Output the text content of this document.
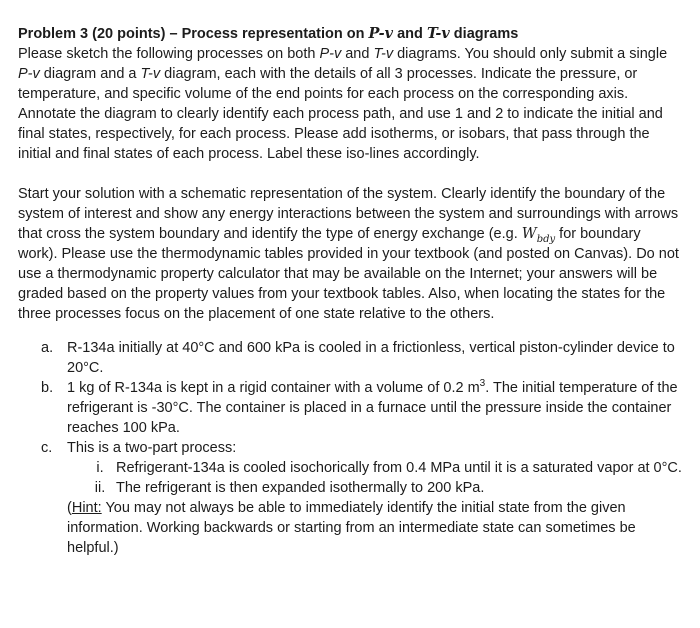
Problem 3 (20 points) – Process representation on P-v and T-v diagrams

Please sketch the following processes on both P-v and T-v diagrams. You should only submit a single P-v diagram and a T-v diagram, each with the details of all 3 processes. Indicate the pressure, or temperature, and specific volume of the end points for each process on the corresponding axis. Annotate the diagram to clearly identify each process path, and use 1 and 2 to indicate the initial and final states, respectively, for each process. Please add isotherms, or isobars, that pass through the initial and final states of each process. Label these iso-lines accordingly.

Start your solution with a schematic representation of the system. Clearly identify the boundary of the system of interest and show any energy interactions between the system and surroundings with arrows that cross the system boundary and identify the type of energy exchange (e.g. $W_{bdy}$ for boundary work). Please use the thermodynamic tables provided in your textbook (and posted on Canvas). Do not use a thermodynamic property calculator that may be available on the Internet; your answers will be graded based on the property values from your textbook tables. Also, when locating the states for the three processes focus on the placement of one state relative to the others.

a. R-134a initially at 40°C and 600 kPa is cooled in a frictionless, vertical piston-cylinder device to 20°C.
b. 1 kg of R-134a is kept in a rigid container with a volume of 0.2 $m^3$. The initial temperature of the refrigerant is -30°C. The container is placed in a furnace until the pressure inside the container reaches 100 kPa.
c. This is a two-part process:
i. Refrigerant-134a is cooled isochorically from 0.4 MPa until it is a saturated vapor at 0°C.
ii. The refrigerant is then expanded isothermally to 200 kPa.
(Hint: You may not always be able to immediately identify the initial state from the given information. Working backwards or starting from an intermediate state can sometimes be helpful.)
